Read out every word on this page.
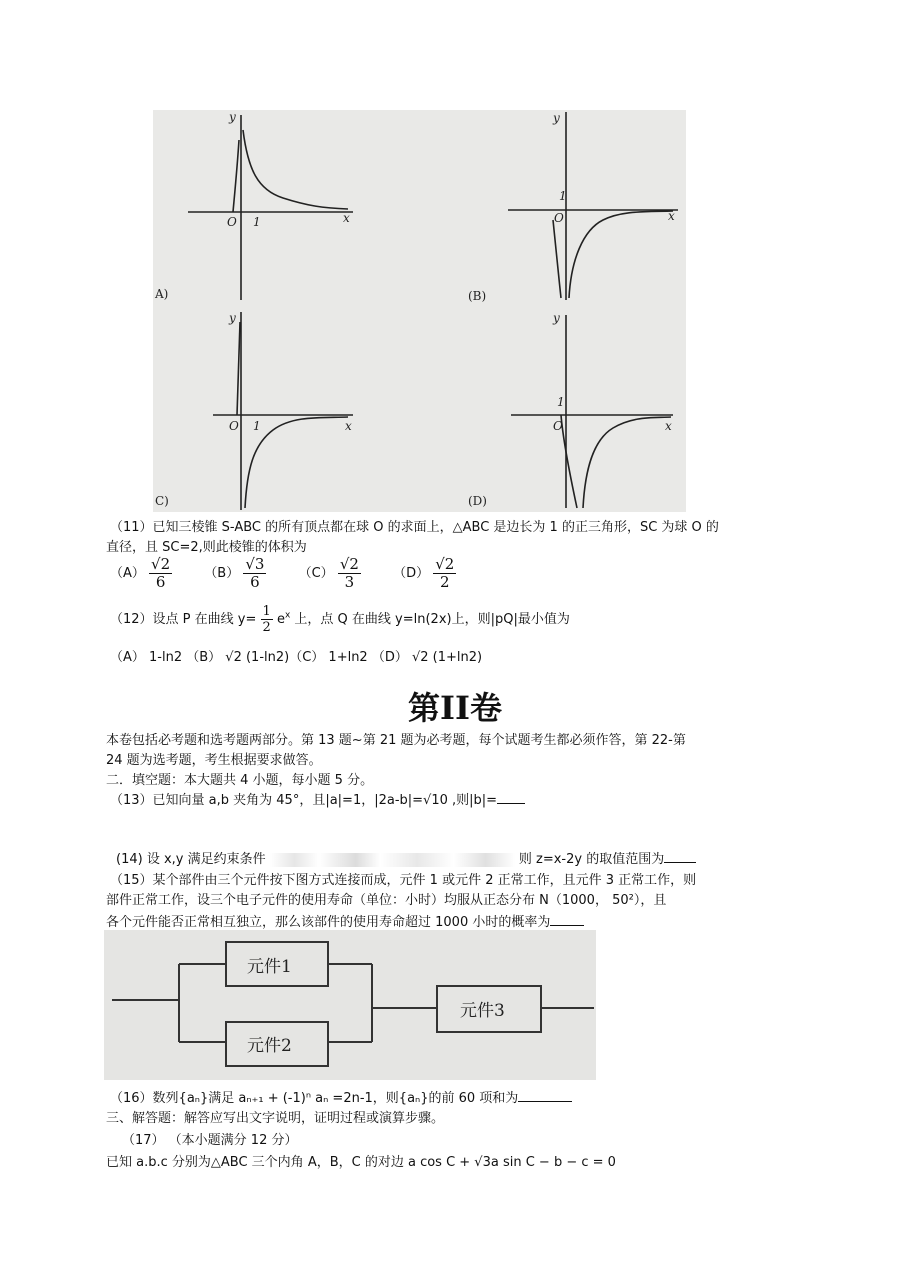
y
x
O 1
y
x
O
1
y
x
O 1
y
x
O
1
A)	(B)
C)	(D)
（11）已知三棱锥 S-ABC 的所有顶点都在球 O 的求面上，△ABC 是边长为 1 的正三角形，SC 为球 O 的
直径，且 SC=2,则此棱锥的体积为
$(A) \frac{√2}{6} (B) \frac{√3}{6} (C) \frac{√2}{3} (D) \frac{√2}{2}$
（12）设点 P 在曲线 $y= \frac{1}{2} e^x$ 上，点 Q 在曲线 y=ln(2x)上，则|pQ|最小值为
（A） 1-ln2 （B） √2 (1-ln2)（C） 1+ln2 （D） √2 (1+ln2)
第II卷
本卷包括必考题和选考题两部分。第 13 题~第 21 题为必考题，每个试题考生都必须作答，第 22-第
24 题为选考题，考生根据要求做答。
二．填空题：本大题共 4 小题，每小题 5 分。
（13）已知向量 a,b 夹角为 45°，且|a|=1，|2a-b|=√10 ,则|b|=
(14) 设 x,y 满足约束条件	则 z=x-2y 的取值范围为
（15）某个部件由三个元件按下图方式连接而成，元件 1 或元件 2 正常工作，且元件 3 正常工作，则
部件正常工作，设三个电子元件的使用寿命（单位：小时）均服从正态分布 N（1000， 50²），且
各个元件能否正常相互独立，那么该部件的使用寿命超过 1000 小时的概率为
元件1
元件2
元件3
（16）数列{aₙ}满足 aₙ₊₁ + (-1)ⁿ aₙ =2n-1，则{aₙ}的前 60 项和为
三、解答题：解答应写出文字说明，证明过程或演算步骤。
（17） （本小题满分 12 分）
已知 a.b.c 分别为△ABC 三个内角 A，B，C 的对边 a cos C + √3a sin C − b − c = 0
